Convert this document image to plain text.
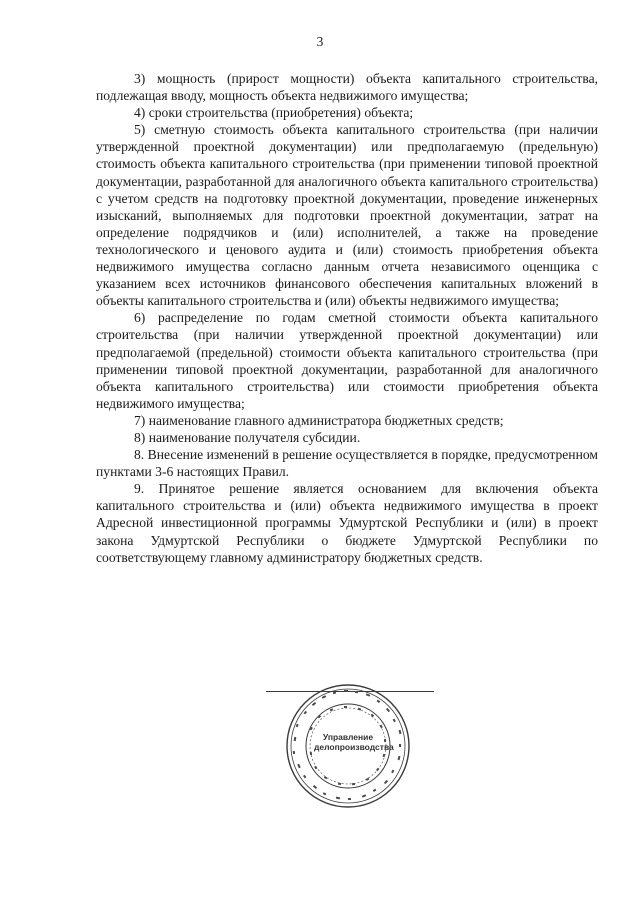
3

3) мощность (прирост мощности) объекта капитального строительства, подлежащая вводу, мощность объекта недвижимого имущества;

4) сроки строительства (приобретения) объекта;

5) сметную стоимость объекта капитального строительства (при наличии утвержденной проектной документации) или предполагаемую (предельную) стоимость объекта капитального строительства (при применении типовой проектной документации, разработанной для аналогичного объекта капитального строительства) с учетом средств на подготовку проектной документации, проведение инженерных изысканий, выполняемых для подготовки проектной документации, затрат на определение подрядчиков и (или) исполнителей, а также на проведение технологического и ценового аудита и (или) стоимость приобретения объекта недвижимого имущества согласно данным отчета независимого оценщика с указанием всех источников финансового обеспечения капитальных вложений в объекты капитального строительства и (или) объекты недвижимого имущества;

6) распределение по годам сметной стоимости объекта капитального строительства (при наличии утвержденной проектной документации) или предполагаемой (предельной) стоимости объекта капитального строительства (при применении типовой проектной документации, разработанной для аналогичного объекта капитального строительства) или стоимости приобретения объекта недвижимого имущества;

7) наименование главного администратора бюджетных средств;

8) наименование получателя субсидии.

8. Внесение изменений в решение осуществляется в порядке, предусмотренном пунктами 3-6 настоящих Правил.

9. Принятое решение является основанием для включения объекта капитального строительства и (или) объекта недвижимого имущества в проект Адресной инвестиционной программы Удмуртской Республики и (или) в проект закона Удмуртской Республики о бюджете Удмуртской Республики по соответствующему главному администратору бюджетных средств.

Управление
делопроизводства
